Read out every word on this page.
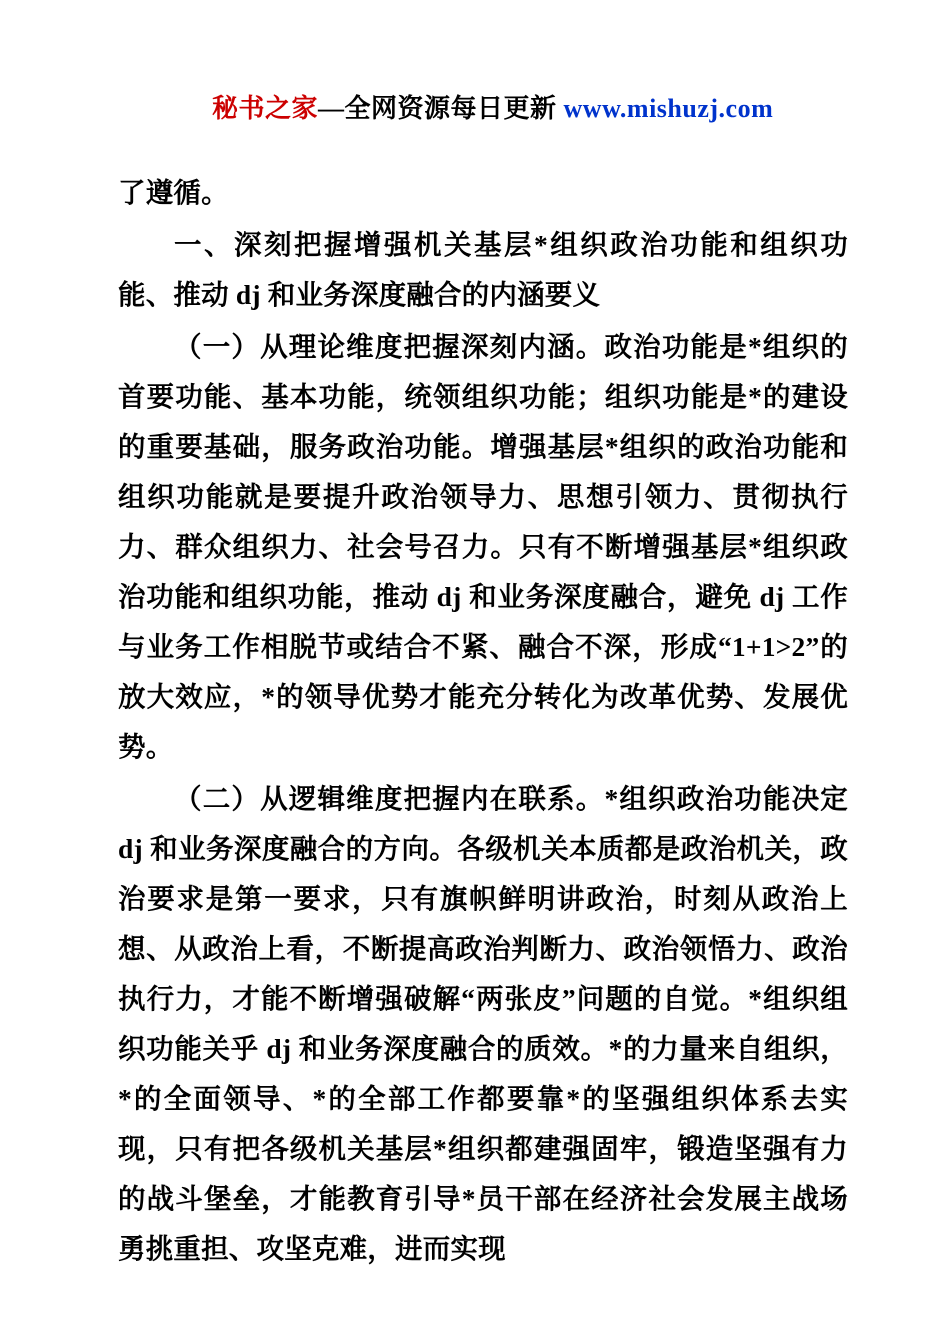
秘书之家—全网资源每日更新 www.mishuzj.com

了遵循。

一、深刻把握增强机关基层*组织政治功能和组织功能、推动 dj 和业务深度融合的内涵要义

（一）从理论维度把握深刻内涵。政治功能是*组织的首要功能、基本功能，统领组织功能；组织功能是*的建设的重要基础，服务政治功能。增强基层*组织的政治功能和组织功能就是要提升政治领导力、思想引领力、贯彻执行力、群众组织力、社会号召力。只有不断增强基层*组织政治功能和组织功能，推动 dj 和业务深度融合，避免 dj 工作与业务工作相脱节或结合不紧、融合不深，形成“1+1>2”的放大效应，*的领导优势才能充分转化为改革优势、发展优势。

（二）从逻辑维度把握内在联系。*组织政治功能决定 dj 和业务深度融合的方向。各级机关本质都是政治机关，政治要求是第一要求，只有旗帜鲜明讲政治，时刻从政治上想、从政治上看，不断提高政治判断力、政治领悟力、政治执行力，才能不断增强破解“两张皮”问题的自觉。*组织组织功能关乎 dj 和业务深度融合的质效。*的力量来自组织，*的全面领导、*的全部工作都要靠*的坚强组织体系去实现，只有把各级机关基层*组织都建强固牢，锻造坚强有力的战斗堡垒，才能教育引导*员干部在经济社会发展主战场勇挑重担、攻坚克难，进而实现
